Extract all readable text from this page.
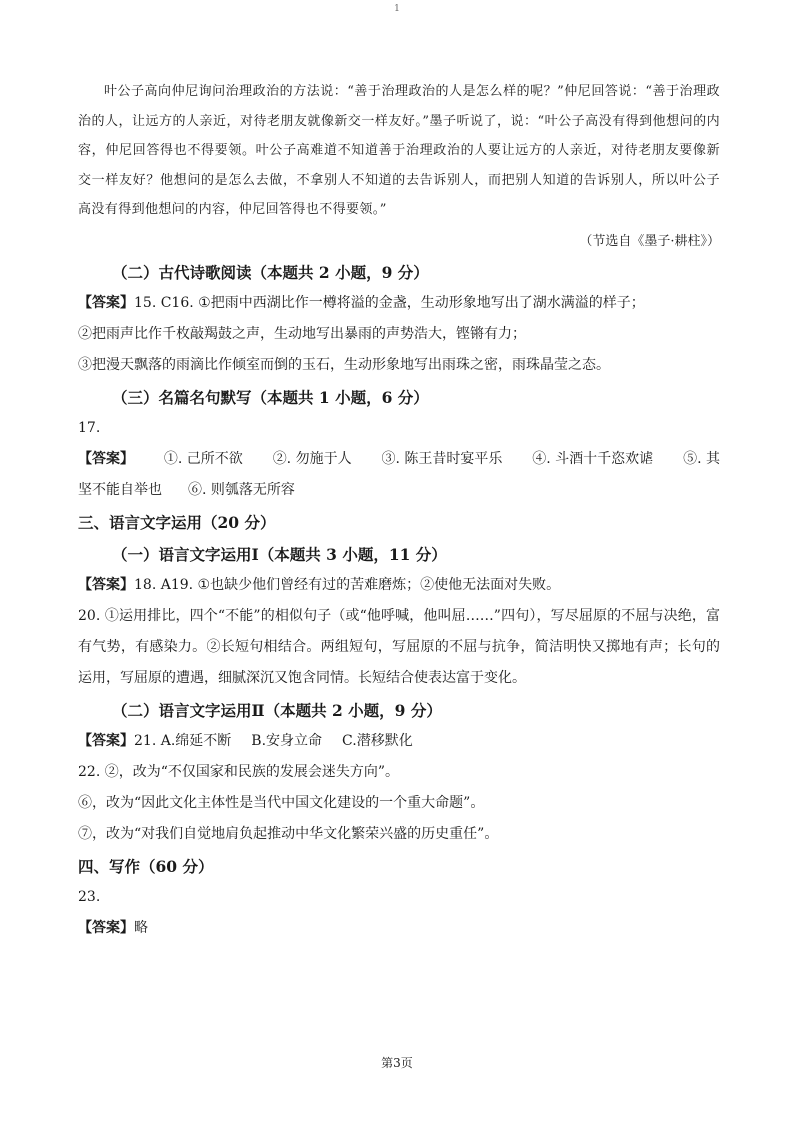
1

叶公子高向仲尼询问治理政治的方法说：“善于治理政治的人是怎么样的呢？”仲尼回答说：“善于治理政治的人，让远方的人亲近，对待老朋友就像新交一样友好。”墨子听说了，说：“叶公子高没有得到他想问的内容，仲尼回答得也不得要领。叶公子高难道不知道善于治理政治的人要让远方的人亲近，对待老朋友要像新交一样友好？他想问的是怎么去做，不拿别人不知道的去告诉别人，而把别人知道的告诉别人，所以叶公子高没有得到他想问的内容，仲尼回答得也不得要领。”

（节选自《墨子·耕柱》）

（二）古代诗歌阅读（本题共 2 小题，9 分）

【答案】15. C16. ①把雨中西湖比作一樽将溢的金盏，生动形象地写出了湖水满溢的样子；

②把雨声比作千枚敲羯鼓之声，生动地写出暴雨的声势浩大，铿锵有力；

③把漫天飘落的雨滴比作倾室而倒的玉石，生动形象地写出雨珠之密，雨珠晶莹之态。

（三）名篇名句默写（本题共 1 小题，6 分）

17.

【答案】 ①. 己所不欲 ②. 勿施于人 ③. 陈王昔时宴平乐 ④. 斗酒十千恣欢谑 ⑤. 其

坚不能自举也 ⑥. 则瓠落无所容

三、语言文字运用（20 分）

（一）语言文字运用Ⅰ（本题共 3 小题，11 分）

【答案】18. A19. ①也缺少他们曾经有过的苦难磨炼；②使他无法面对失败。

20. ①运用排比，四个“不能”的相似句子（或“他呼喊，他叫屈……”四句），写尽屈原的不屈与决绝，富有气势，有感染力。②长短句相结合。两组短句，写屈原的不屈与抗争，简洁明快又掷地有声；长句的运用，写屈原的遭遇，细腻深沉又饱含同情。长短结合使表达富于变化。

（二）语言文字运用Ⅱ（本题共 2 小题，9 分）

【答案】21. A.绵延不断 B.安身立命 C.潜移默化

22. ②，改为“不仅国家和民族的发展会迷失方向”。

⑥，改为“因此文化主体性是当代中国文化建设的一个重大命题”。

⑦，改为“对我们自觉地肩负起推动中华文化繁荣兴盛的历史重任”。

四、写作（60 分）

23.

【答案】略

第3页
